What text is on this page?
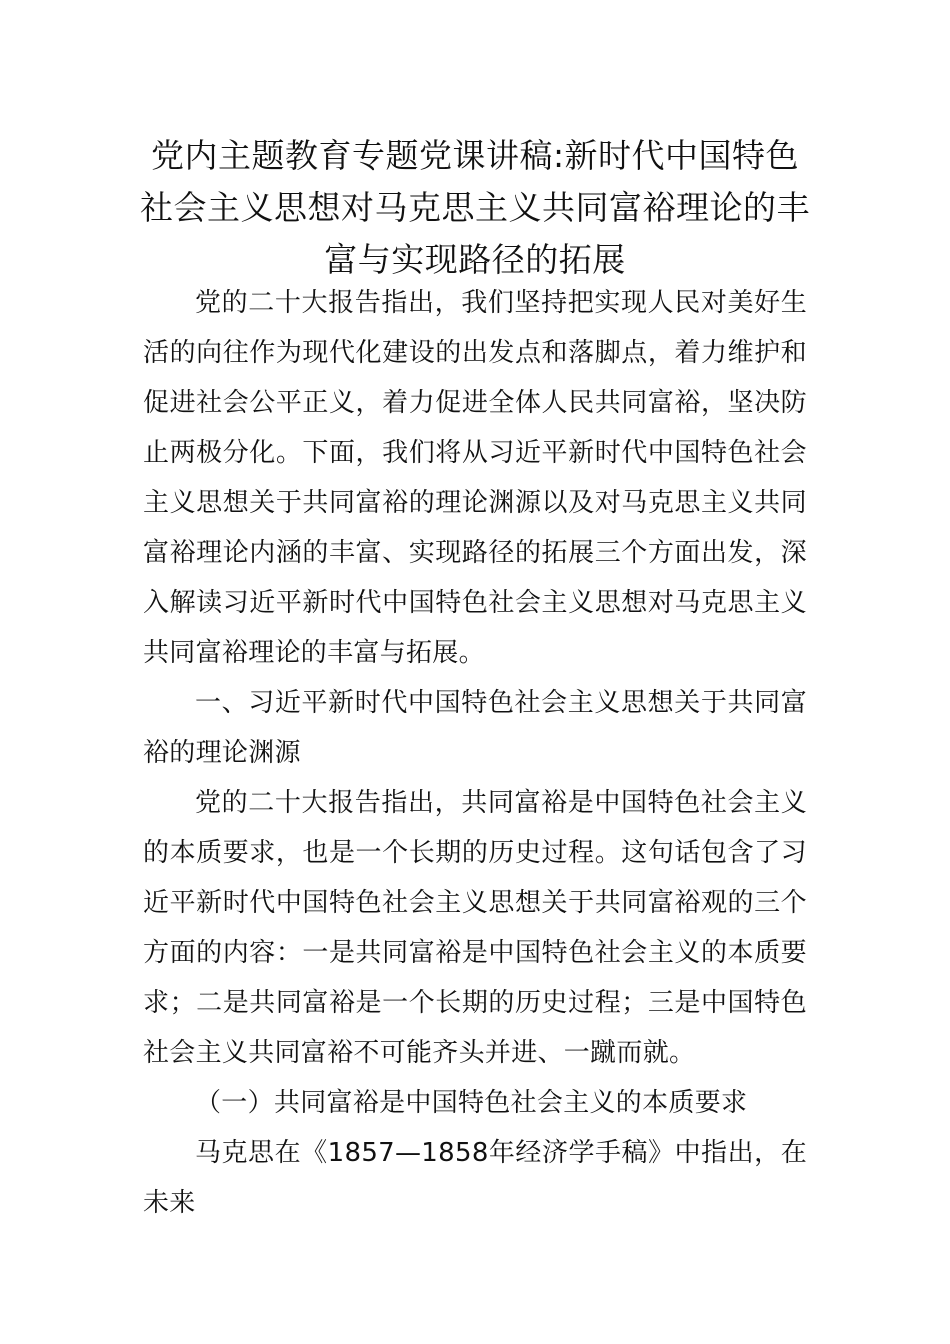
党内主题教育专题党课讲稿:新时代中国特色社会主义思想对马克思主义共同富裕理论的丰富与实现路径的拓展

党的二十大报告指出，我们坚持把实现人民对美好生活的向往作为现代化建设的出发点和落脚点，着力维护和促进社会公平正义，着力促进全体人民共同富裕，坚决防止两极分化。下面，我们将从习近平新时代中国特色社会主义思想关于共同富裕的理论渊源以及对马克思主义共同富裕理论内涵的丰富、实现路径的拓展三个方面出发，深入解读习近平新时代中国特色社会主义思想对马克思主义共同富裕理论的丰富与拓展。

一、习近平新时代中国特色社会主义思想关于共同富裕的理论渊源

党的二十大报告指出，共同富裕是中国特色社会主义的本质要求，也是一个长期的历史过程。这句话包含了习近平新时代中国特色社会主义思想关于共同富裕观的三个方面的内容：一是共同富裕是中国特色社会主义的本质要求；二是共同富裕是一个长期的历史过程；三是中国特色社会主义共同富裕不可能齐头并进、一蹴而就。

（一）共同富裕是中国特色社会主义的本质要求

马克思在《1857—1858年经济学手稿》中指出，在未来
